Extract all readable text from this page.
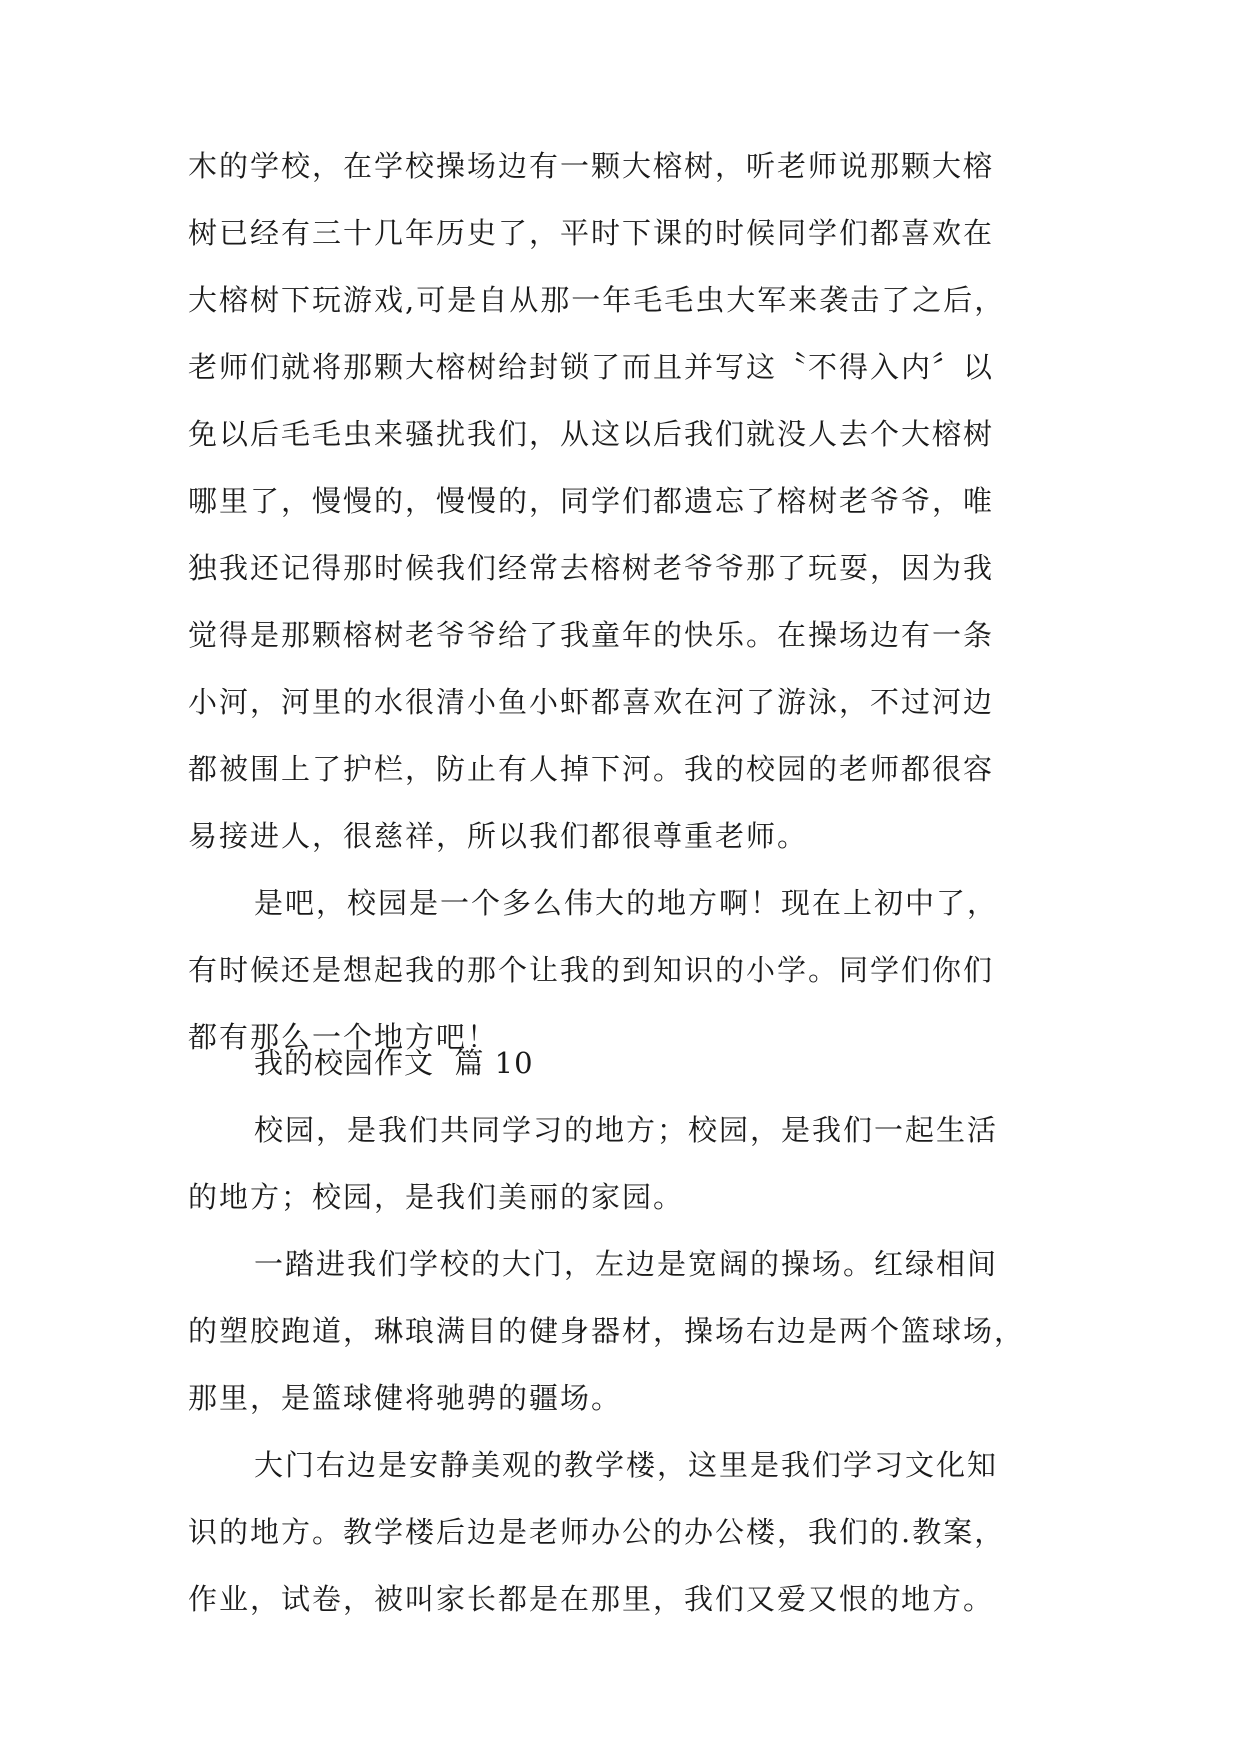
木的学校，在学校操场边有一颗大榕树，听老师说那颗大榕
树已经有三十几年历史了，平时下课的时候同学们都喜欢在
大榕树下玩游戏,可是自从那一年毛毛虫大军来袭击了之后，
老师们就将那颗大榕树给封锁了而且并写这〝不得入内〞以
免以后毛毛虫来骚扰我们，从这以后我们就没人去个大榕树
哪里了，慢慢的，慢慢的，同学们都遗忘了榕树老爷爷，唯
独我还记得那时候我们经常去榕树老爷爷那了玩耍，因为我
觉得是那颗榕树老爷爷给了我童年的快乐。在操场边有一条
小河，河里的水很清小鱼小虾都喜欢在河了游泳，不过河边
都被围上了护栏，防止有人掉下河。我的校园的老师都很容
易接进人，很慈祥，所以我们都很尊重老师。
是吧，校园是一个多么伟大的地方啊！现在上初中了，
有时候还是想起我的那个让我的到知识的小学。同学们你们
都有那么一个地方吧！
我的校园作文  篇 10
校园，是我们共同学习的地方；校园，是我们一起生活
的地方；校园，是我们美丽的家园。
一踏进我们学校的大门，左边是宽阔的操场。红绿相间
的塑胶跑道，琳琅满目的健身器材，操场右边是两个篮球场，
那里，是篮球健将驰骋的疆场。
大门右边是安静美观的教学楼，这里是我们学习文化知
识的地方。教学楼后边是老师办公的办公楼，我们的.教案，
作业，试卷，被叫家长都是在那里，我们又爱又恨的地方。
